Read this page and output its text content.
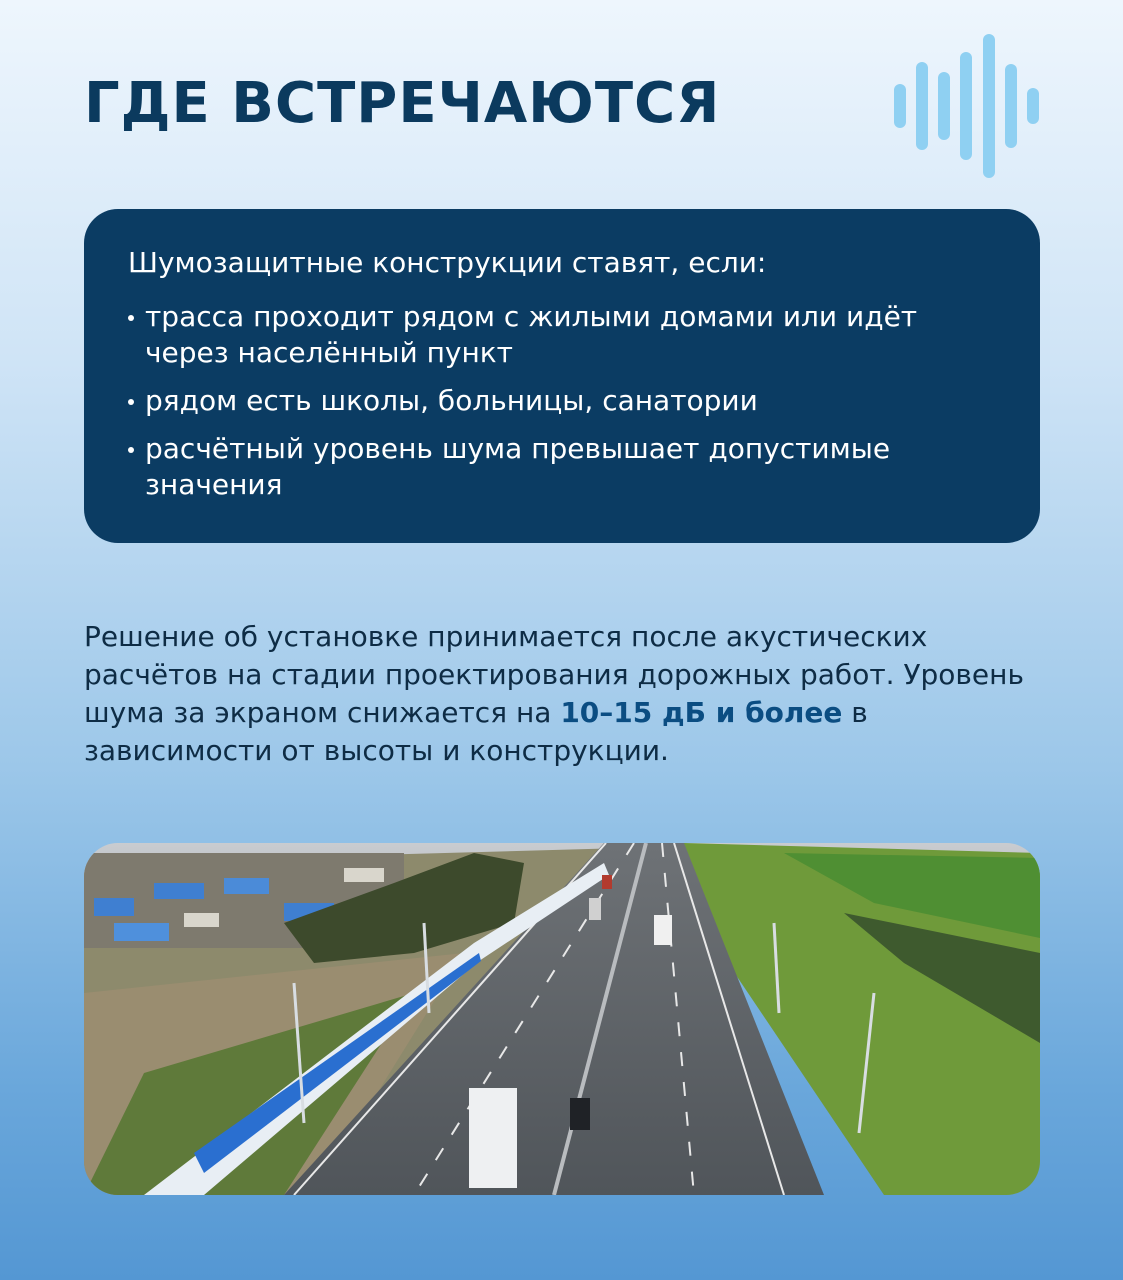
ГДЕ ВСТРЕЧАЮТСЯ

Шумозащитные конструкции ставят, если:

трасса проходит рядом с жилыми домами или идёт через населённый пункт
рядом есть школы, больницы, санатории
расчётный уровень шума превышает допустимые значения

Решение об установке принимается после акустических расчётов на стадии проектирования дорожных работ. Уровень шума за экраном снижается на 10–15 дБ и более в зависимости от высоты и конструкции.
